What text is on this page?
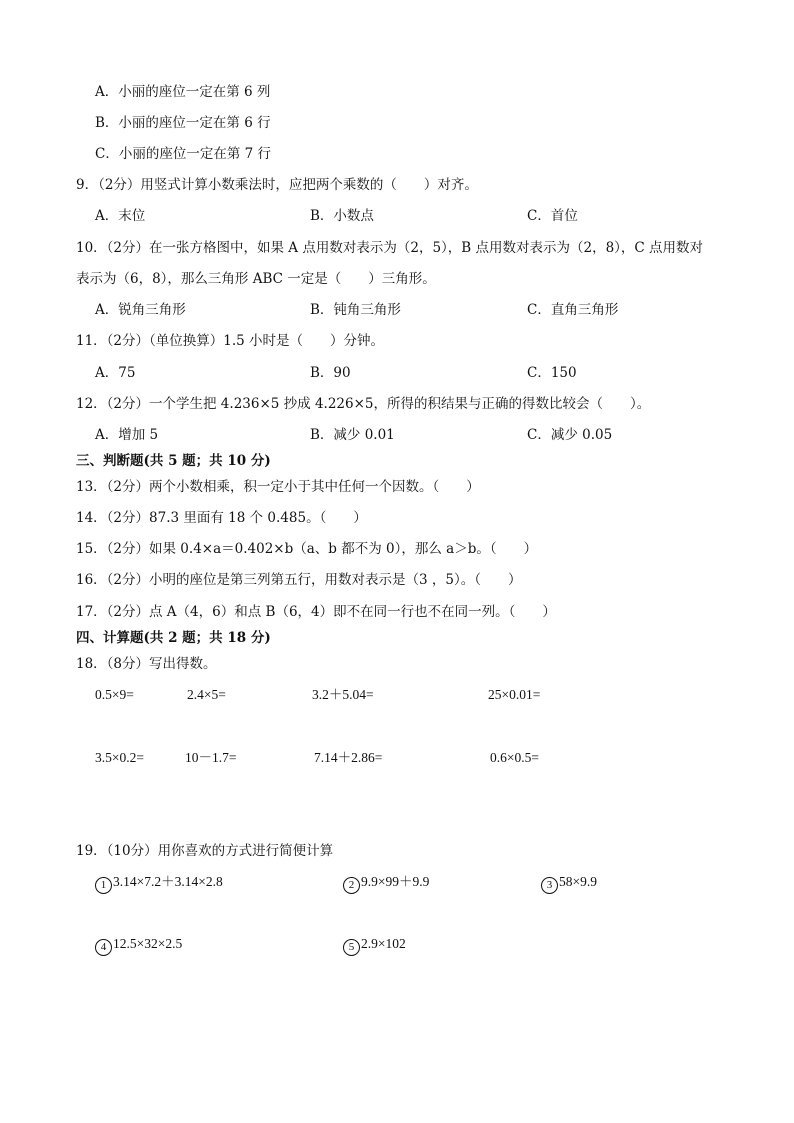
A．小丽的座位一定在第 6 列
B．小丽的座位一定在第 6 行
C．小丽的座位一定在第 7 行
9．（2分）用竖式计算小数乘法时，应把两个乘数的（　　）对齐。
A．末位	B．小数点	C．首位
10．（2分）在一张方格图中，如果 A 点用数对表示为（2，5），B 点用数对表示为（2，8），C 点用数对
表示为（6，8），那么三角形 ABC 一定是（　　）三角形。
A．锐角三角形	B．钝角三角形	C．直角三角形
11．（2分）（单位换算）1.5 小时是（　　）分钟。
A．75	B．90	C．150
12．（2分）一个学生把 4.236×5 抄成 4.226×5，所得的积结果与正确的得数比较会（　　）。
A．增加 5	B．减少 0.01	C．减少 0.05
三、判断题(共 5 题；共 10 分)
13．（2分）两个小数相乘，积一定小于其中任何一个因数。（　　）
14．（2分）87.3 里面有 18 个 0.485。（　　）
15．（2分）如果 0.4×a＝0.402×b（a、b 都不为 0），那么 a＞b。（　　）
16．（2分）小明的座位是第三列第五行，用数对表示是（3 ，5）。（　　）
17．（2分）点 A（4，6）和点 B（6，4）即不在同一行也不在同一列。（　　）
四、计算题(共 2 题；共 18 分)
18．（8分）写出得数。
0.5×9=	2.4×5=	3.2＋5.04=	25×0.01=
3.5×0.2=	10－1.7=	7.14＋2.86=	0.6×0.5=
19．（10分）用你喜欢的方式进行简便计算
1 3.14×7.2＋3.14×2.8	2 9.9×99＋9.9	3 58×9.9
4 12.5×32×2.5	5 2.9×102
